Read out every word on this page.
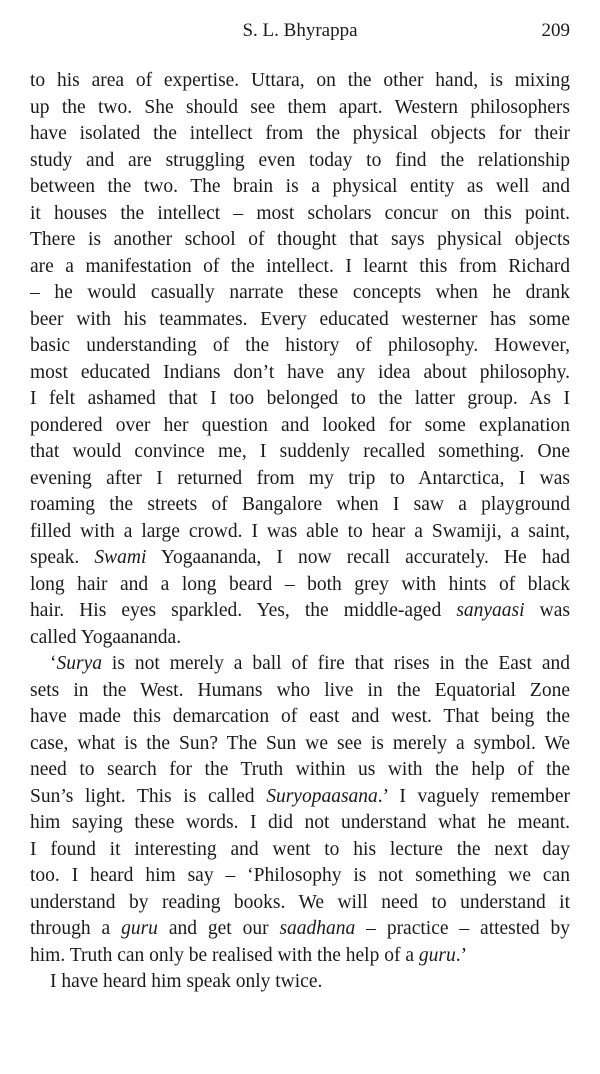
S. L. Bhyrappa	209
to his area of expertise. Uttara, on the other hand, is mixing
up the two. She should see them apart. Western philosophers
have isolated the intellect from the physical objects for their
study and are struggling even today to find the relationship
between the two. The brain is a physical entity as well and
it houses the intellect – most scholars concur on this point.
There is another school of thought that says physical objects
are a manifestation of the intellect. I learnt this from Richard
– he would casually narrate these concepts when he drank
beer with his teammates. Every educated westerner has some
basic understanding of the history of philosophy. However,
most educated Indians don’t have any idea about philosophy.
I felt ashamed that I too belonged to the latter group. As I
pondered over her question and looked for some explanation
that would convince me, I suddenly recalled something. One
evening after I returned from my trip to Antarctica, I was
roaming the streets of Bangalore when I saw a playground
filled with a large crowd. I was able to hear a Swamiji, a saint,
speak. Swami Yogaananda, I now recall accurately. He had
long hair and a long beard – both grey with hints of black
hair. His eyes sparkled. Yes, the middle-aged sanyaasi was
called Yogaananda.
‘Surya is not merely a ball of fire that rises in the East and
sets in the West. Humans who live in the Equatorial Zone
have made this demarcation of east and west. That being the
case, what is the Sun? The Sun we see is merely a symbol. We
need to search for the Truth within us with the help of the
Sun’s light. This is called Suryopaasana.’ I vaguely remember
him saying these words. I did not understand what he meant.
I found it interesting and went to his lecture the next day
too. I heard him say – ‘Philosophy is not something we can
understand by reading books. We will need to understand it
through a guru and get our saadhana – practice – attested by
him. Truth can only be realised with the help of a guru.’
I have heard him speak only twice.
